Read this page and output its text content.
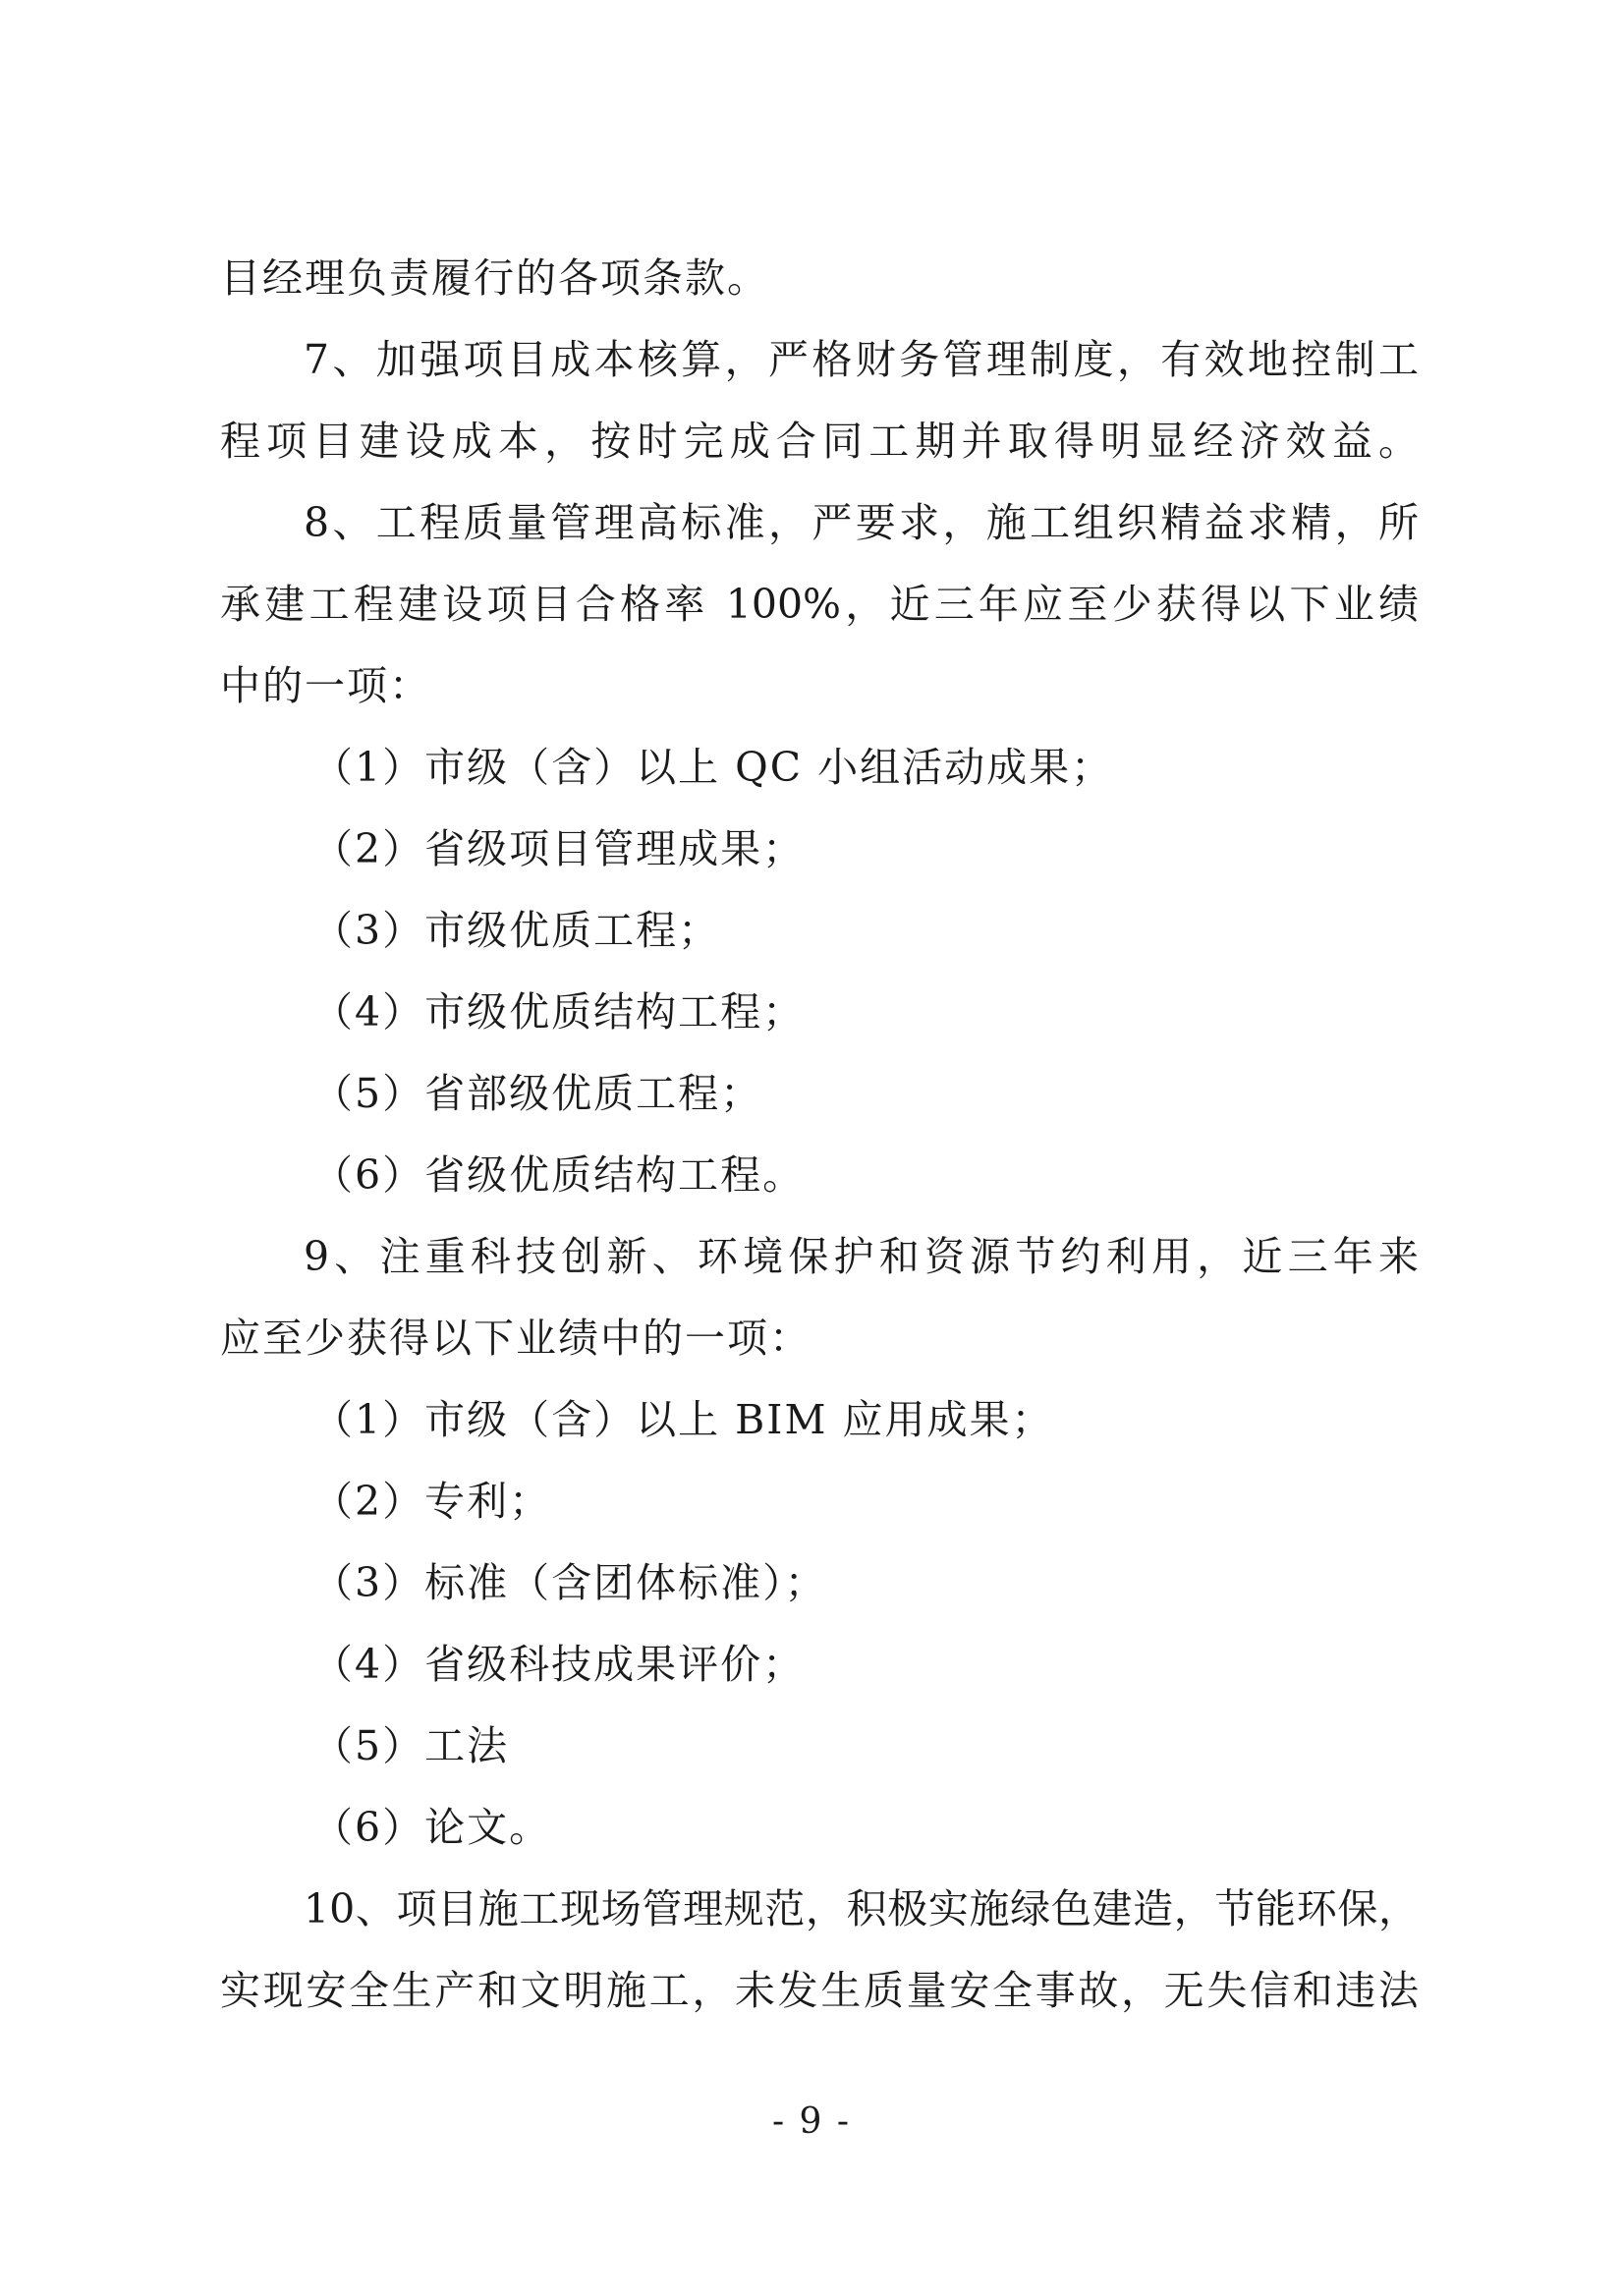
目经理负责履行的各项条款。
7、加强项目成本核算，严格财务管理制度，有效地控制工
程项目建设成本，按时完成合同工期并取得明显经济效益。
8、工程质量管理高标准，严要求，施工组织精益求精，所
承建工程建设项目合格率 100%，近三年应至少获得以下业绩
中的一项：
（1）市级（含）以上 QC 小组活动成果；
（2）省级项目管理成果；
（3）市级优质工程；
（4）市级优质结构工程；
（5）省部级优质工程；
（6）省级优质结构工程。
9、注重科技创新、环境保护和资源节约利用，近三年来
应至少获得以下业绩中的一项：
（1）市级（含）以上 BIM 应用成果；
（2）专利；
（3）标准（含团体标准）；
（4）省级科技成果评价；
（5）工法
（6）论文。
10、项目施工现场管理规范，积极实施绿色建造，节能环保，
实现安全生产和文明施工，未发生质量安全事故，无失信和违法
- 9 -
